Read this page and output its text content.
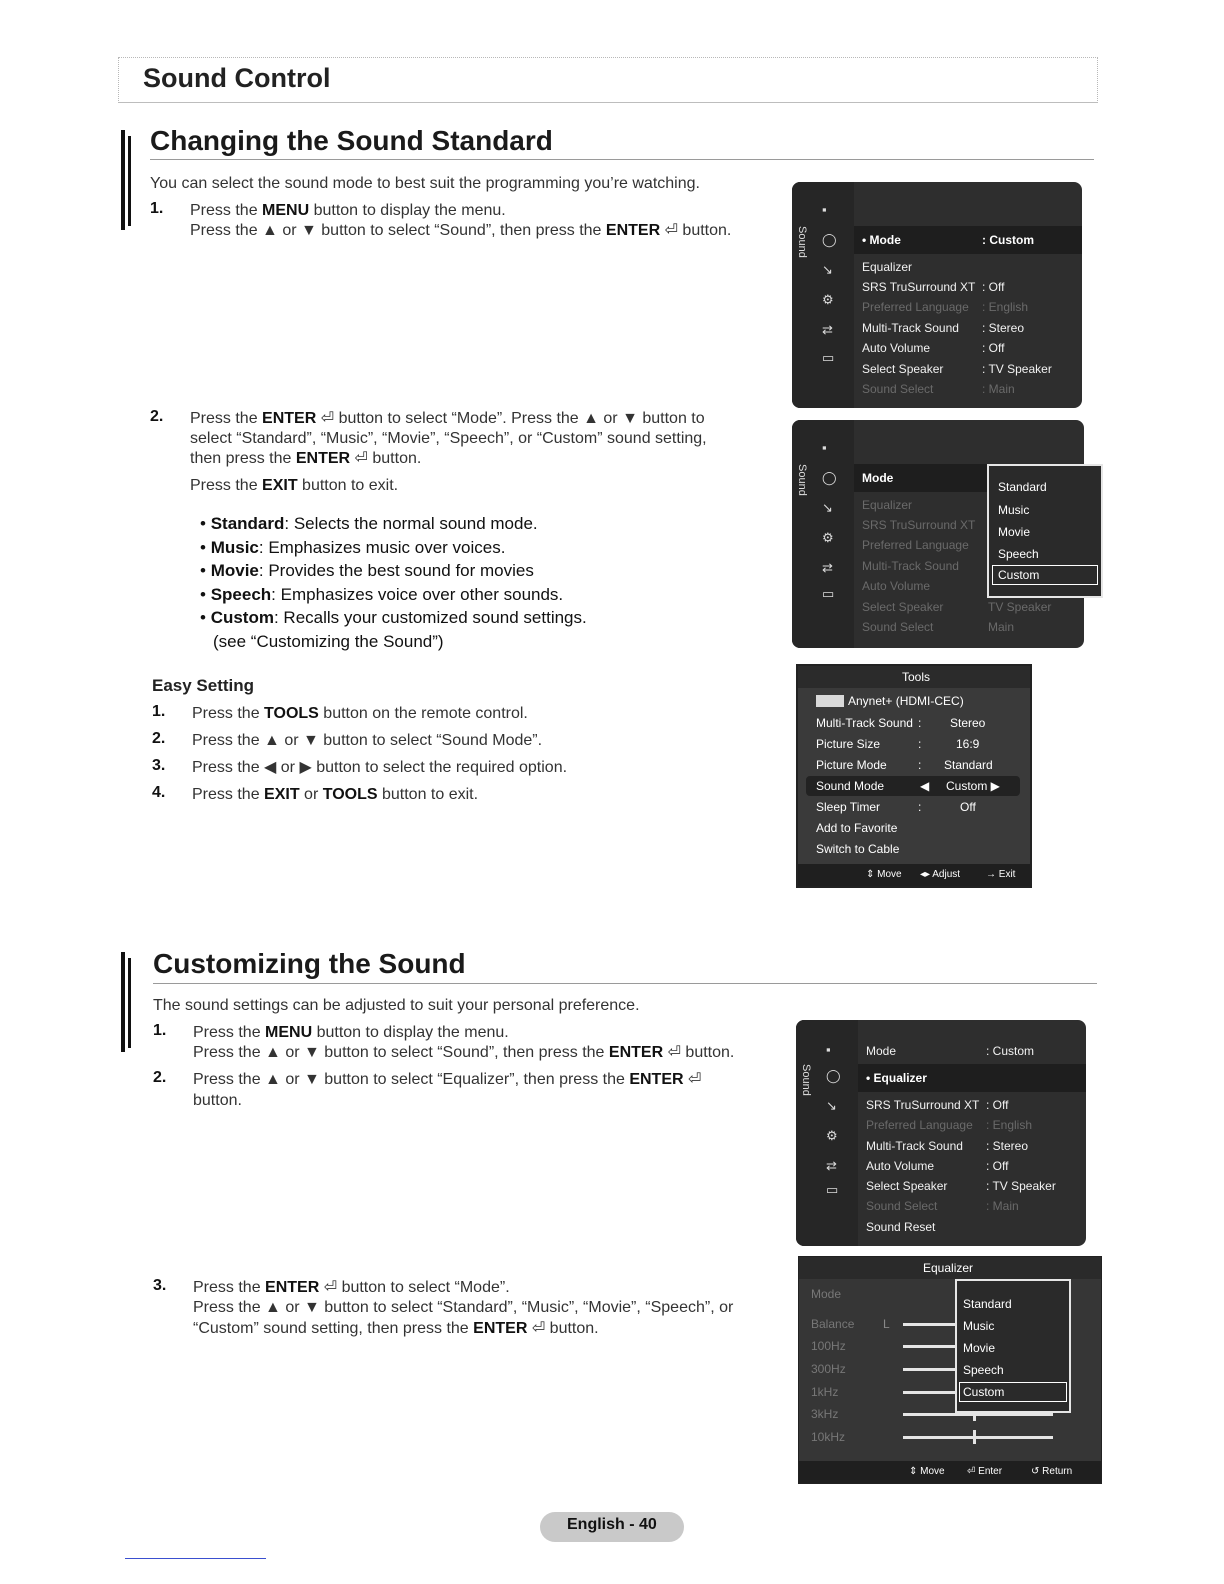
Sound Control
Changing the Sound Standard
You can select the sound mode to best suit the programming you’re watching.
1. Press the MENU button to display the menu.
Press the ▲ or ▼ button to select “Sound”, then press the ENTER ⏎ button.
2. Press the ENTER ⏎ button to select “Mode”. Press the ▲ or ▼ button to
select “Standard”, “Music”, “Movie”, “Speech”, or “Custom” sound setting,
then press the ENTER ⏎ button.
Press the EXIT button to exit.
• Standard: Selects the normal sound mode.
• Music: Emphasizes music over voices.
• Movie: Provides the best sound for movies
• Speech: Emphasizes voice over other sounds.
• Custom: Recalls your customized sound settings.
(see “Customizing the Sound”)
Easy Setting
1. Press the TOOLS button on the remote control.
2. Press the ▲ or ▼ button to select “Sound Mode”.
3. Press the ◀ or ▶ button to select the required option.
4. Press the EXIT or TOOLS button to exit.
Sound
▪
◯
↘
⚙
⇄
▭
• Mode	: Custom
Equalizer
SRS TruSurround XT : Off
Preferred Language : English
Multi-Track Sound : Stereo
Auto Volume	: Off
Select Speaker	: TV Speaker
Sound Select	: Main
Sound
▪
◯
↘
⚙
⇄
▭
Mode
Equalizer
SRS TruSurround XT
Preferred Language
Multi-Track Sound
Auto Volume
Select Speaker	TV Speaker
Sound Select	Main
Standard
Music
Movie
Speech
Custom
Tools
Anynet+ (HDMI-CEC)
Multi-Track Sound : Stereo
Picture Size	:	16:9
Picture Mode	: Standard
Sound Mode	◀ Custom ▶
Sleep Timer	:	Off
Add to Favorite
Switch to Cable
⇕ Move ◂▸ Adjust	→ Exit
Customizing the Sound
The sound settings can be adjusted to suit your personal preference.
1. Press the MENU button to display the menu.
Press the ▲ or ▼ button to select “Sound”, then press the ENTER ⏎ button.
2. Press the ▲ or ▼ button to select “Equalizer”, then press the ENTER ⏎
button.
3. Press the ENTER ⏎ button to select “Mode”.
Press the ▲ or ▼ button to select “Standard”, “Music”, “Movie”, “Speech”, or
“Custom” sound setting, then press the ENTER ⏎ button.
Sound
▪
◯
↘
⚙
⇄
▭
Mode	: Custom
• Equalizer
SRS TruSurround XT : Off
Preferred Language : English
Multi-Track Sound : Stereo
Auto Volume	: Off
Select Speaker	: TV Speaker
Sound Select	: Main
Sound Reset
Equalizer
Mode
Balance L
100Hz
300Hz
1kHz
3kHz
10kHz
Standard
Music
Movie
Speech
Custom
⇕ Move ⏎ Enter	↺ Return
English - 40
